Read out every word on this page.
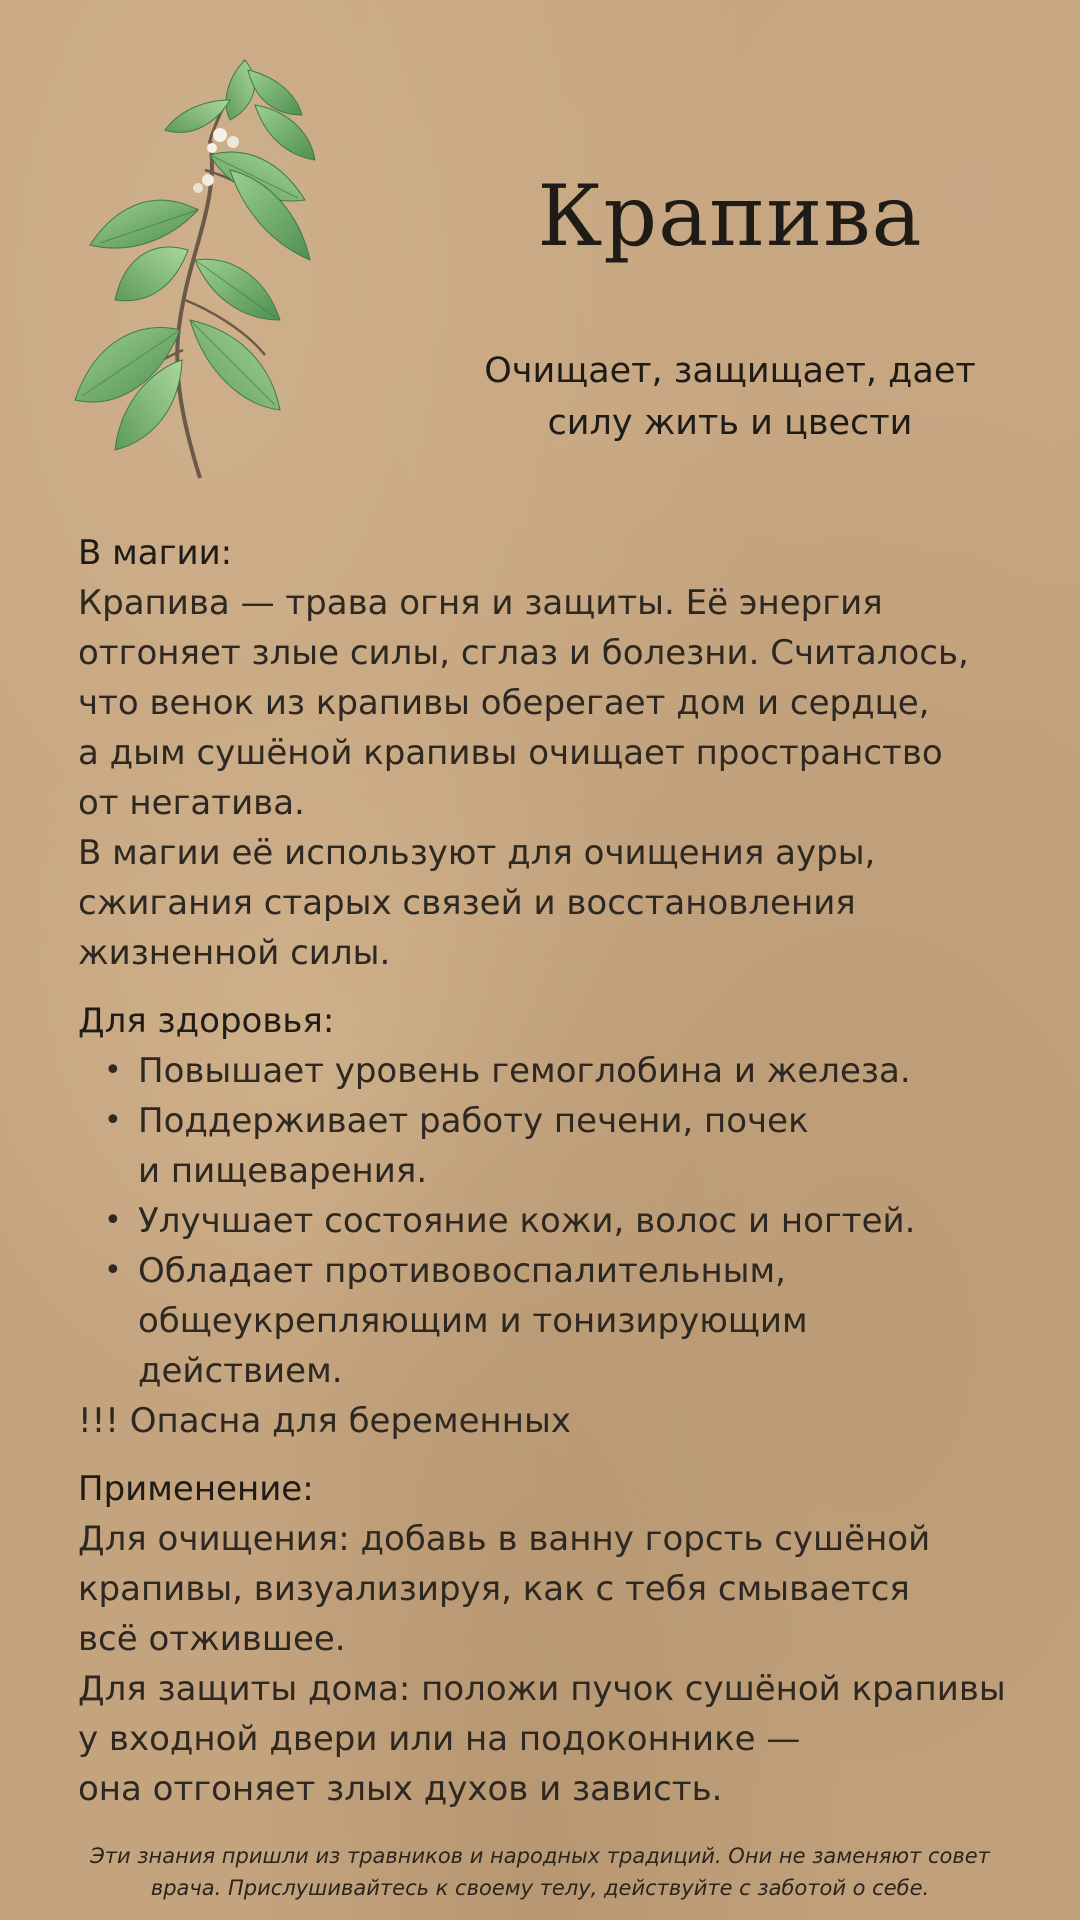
Крапива
Очищает, защищает, дает
силу жить и цвести
В магии:
Крапива — трава огня и защиты. Её энергия
отгоняет злые силы, сглаз и болезни. Считалось,
что венок из крапивы оберегает дом и сердце,
а дым сушёной крапивы очищает пространство
от негатива.
В магии её используют для очищения ауры,
сжигания старых связей и восстановления
жизненной силы.
Для здоровья:
• Повышает уровень гемоглобина и железа.
• Поддерживает работу печени, почек
и пищеварения.
• Улучшает состояние кожи, волос и ногтей.
• Обладает противовоспалительным,
общеукрепляющим и тонизирующим
действием.
!!! Опасна для беременных
Применение:
Для очищения: добавь в ванну горсть сушёной
крапивы, визуализируя, как с тебя смывается
всё отжившее.
Для защиты дома: положи пучок сушёной крапивы
у входной двери или на подоконнике —
она отгоняет злых духов и зависть.
Эти знания пришли из травников и народных традиций. Они не заменяют совет
врача. Прислушивайтесь к своему телу, действуйте с заботой о себе.
